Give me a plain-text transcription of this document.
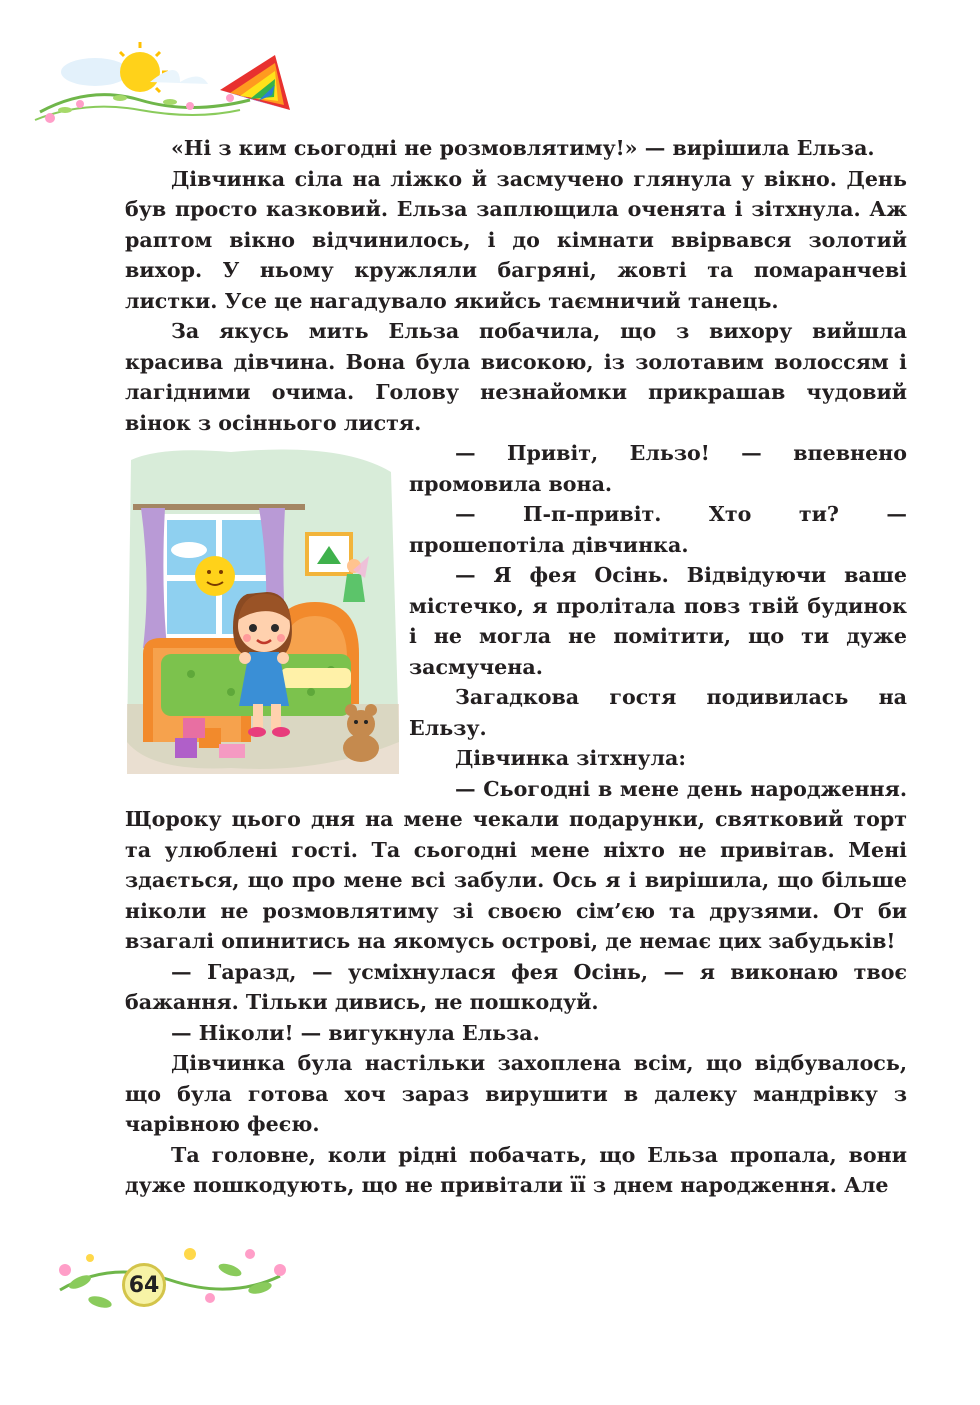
«Ні з ким сьогодні не розмовлятиму!» — вирішила Ельза.

Дівчинка сіла на ліжко й засмучено глянула у вікно. День був просто казковий. Ельза заплющила оченята і зітхнула. Аж раптом вікно відчинилось, і до кімнати ввірвався золотий вихор. У ньому кружляли багряні, жовті та помаранчеві листки. Усе це нагадувало якийсь таємничий танець.

За якусь мить Ельза побачила, що з вихору вийшла красива дівчина. Вона була високою, із золотавим волоссям і лагідними очима. Голову незнайомки прикрашав чудовий вінок з осіннього листя.

— Привіт, Ельзо! — впевнено промовила вона.

— П-п-привіт. Хто ти? — прошепотіла дівчинка.

— Я фея Осінь. Відвідуючи ваше містечко, я пролітала повз твій будинок і не могла не помітити, що ти дуже засмучена.

Загадкова гостя подивилась на Ельзу.

Дівчинка зітхнула:

— Сьогодні в мене день народження. Щороку цього дня на мене чекали подарунки, святковий торт та улюблені гості. Та сьогодні мене ніхто не привітав. Мені здається, що про мене всі забули. Ось я і вирішила, що більше ніколи не розмовлятиму зі своєю сім’єю та друзями. От би взагалі опинитись на якомусь острові, де немає цих забудьків!

— Гаразд, — усміхнулася фея Осінь, — я виконаю твоє бажання. Тільки дивись, не пошкодуй.

— Ніколи! — вигукнула Ельза.

Дівчинка була настільки захоплена всім, що відбувалось, що була готова хоч зараз вирушити в далеку мандрівку з чарівною феєю.

Та головне, коли рідні побачать, що Ельза пропала, вони дуже пошкодують, що не привітали її з днем народження. Але

64
